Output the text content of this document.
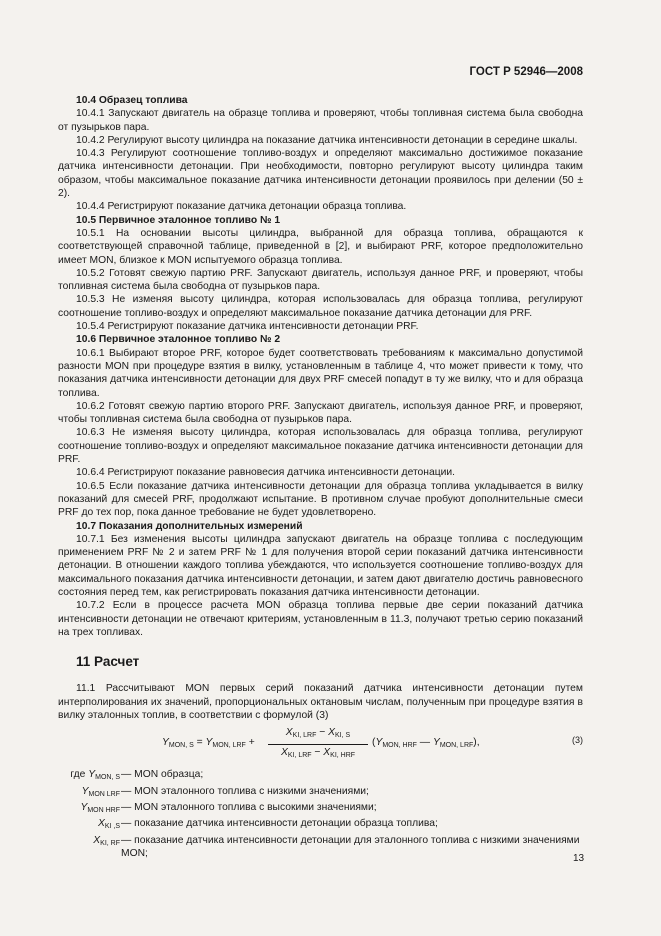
ГОСТ Р 52946—2008

10.4 Образец топлива

10.4.1 Запускают двигатель на образце топлива и проверяют, чтобы топливная система была свободна от пузырьков пара.

10.4.2 Регулируют высоту цилиндра на показание датчика интенсивности детонации в середине шкалы.

10.4.3 Регулируют соотношение топливо-воздух и определяют максимально достижимое показание датчика интенсивности детонации. При необходимости, повторно регулируют высоту цилиндра таким образом, чтобы максимальное показание датчика интенсивности детонации проявилось при делении (50 ± 2).

10.4.4 Регистрируют показание датчика детонации образца топлива.

10.5 Первичное эталонное топливо № 1

10.5.1 На основании высоты цилиндра, выбранной для образца топлива, обращаются к соответствующей справочной таблице, приведенной в [2], и выбирают PRF, которое предположительно имеет MON, близкое к MON испытуемого образца топлива.

10.5.2 Готовят свежую партию PRF. Запускают двигатель, используя данное PRF, и проверяют, чтобы топливная система была свободна от пузырьков пара.

10.5.3 Не изменяя высоту цилиндра, которая использовалась для образца топлива, регулируют соотношение топливо-воздух и определяют максимальное показание датчика детонации для PRF.

10.5.4 Регистрируют показание датчика интенсивности детонации PRF.

10.6 Первичное эталонное топливо № 2

10.6.1 Выбирают второе PRF, которое будет соответствовать требованиям к максимально допустимой разности MON при процедуре взятия в вилку, установленным в таблице 4, что может привести к тому, что показания датчика интенсивности детонации для двух PRF смесей попадут в ту же вилку, что и для образца топлива.

10.6.2 Готовят свежую партию второго PRF. Запускают двигатель, используя данное PRF, и проверяют, чтобы топливная система была свободна от пузырьков пара.

10.6.3 Не изменяя высоту цилиндра, которая использовалась для образца топлива, регулируют соотношение топливо-воздух и определяют максимальное показание датчика интенсивности детонации для PRF.

10.6.4 Регистрируют показание равновесия датчика интенсивности детонации.

10.6.5 Если показание датчика интенсивности детонации для образца топлива укладывается в вилку показаний для смесей PRF, продолжают испытание. В противном случае пробуют дополнительные смеси PRF до тех пор, пока данное требование не будет удовлетворено.

10.7 Показания дополнительных измерений

10.7.1 Без изменения высоты цилиндра запускают двигатель на образце топлива с последующим применением PRF № 2 и затем PRF № 1 для получения второй серии показаний датчика интенсивности детонации. В отношении каждого топлива убеждаются, что используется соотношение топливо-воздух для максимального показания датчика интенсивности детонации, и затем дают двигателю достичь равновесного состояния перед тем, как регистрировать показания датчика интенсивности детонации.

10.7.2 Если в процессе расчета MON образца топлива первые две серии показаний датчика интенсивности детонации не отвечают критериям, установленным в 11.3, получают третью серию показаний на трех топливах.

11 Расчет

11.1 Рассчитывают MON первых серий показаний датчика интенсивности детонации путем интерполирования их значений, пропорциональных октановым числам, полученным при процедуре взятия в вилку эталонных топлив, в соответствии с формулой (3)

$Y_{MON, S} = Y_{MON, LRF}$ +
$X_{KI, LRF} - X_{KI, S}$
$X_{KI, LRF} - X_{KI, HRF}$
($Y_{MON, HRF}$ — $Y_{MON, LRF}$),	(3)
где $Y_{MON, S}$ — MON образца;
$Y_{MON LRF}$ — MON эталонного топлива с низкими значениями;
$Y_{MON HRF}$ — MON эталонного топлива с высокими значениями;
$X_{KI ,S}$ — показание датчика интенсивности детонации образца топлива;
$X_{KI, RF}$ — показание датчика интенсивности детонации для эталонного топлива с низкими значениями MON;	13
